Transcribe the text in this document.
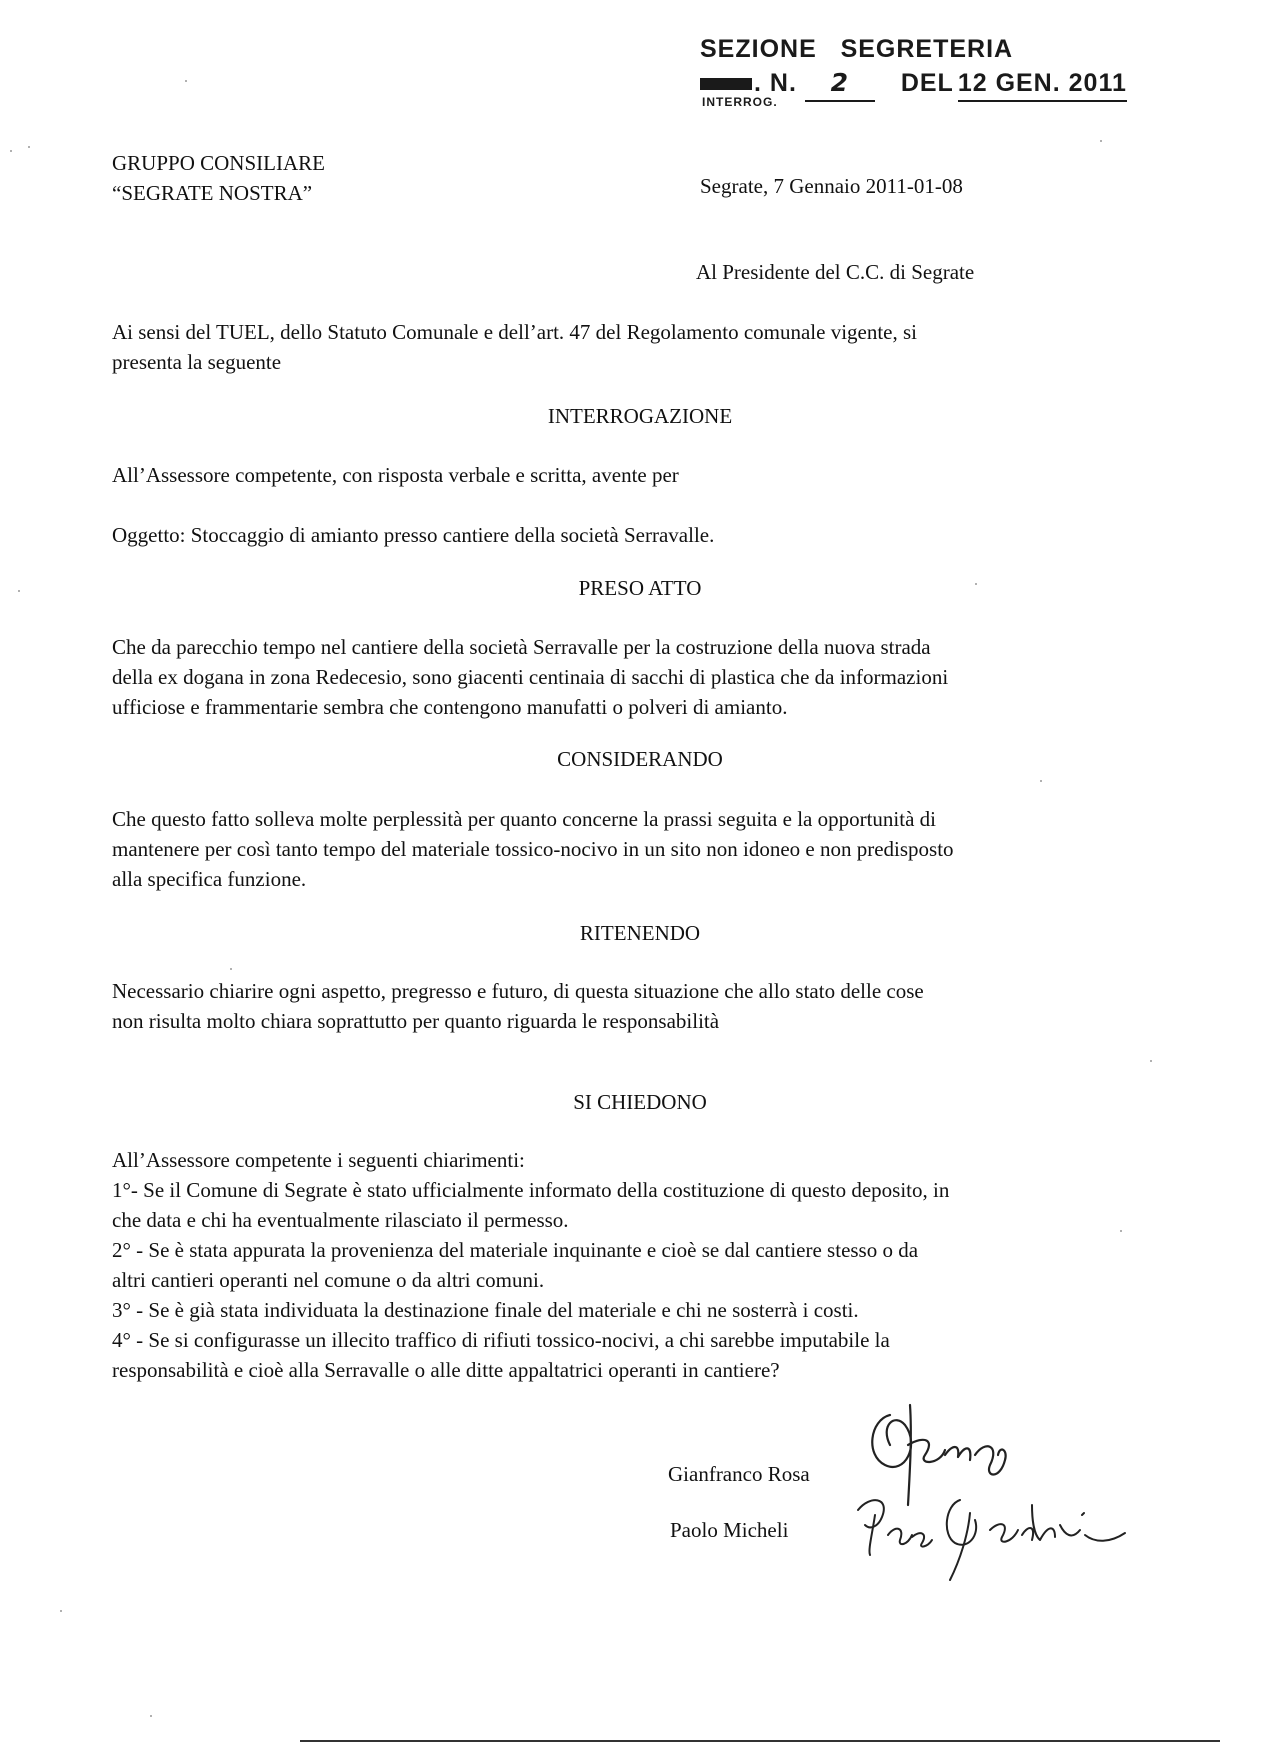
SEZIONE   SEGRETERIA
. N. 2 DEL 12 GEN. 2011
INTERROG.
GRUPPO CONSILIARE
“SEGRATE NOSTRA”	Segrate, 7 Gennaio 2011-01-08
Al Presidente del C.C. di Segrate
Ai sensi del TUEL, dello Statuto Comunale e dell’art. 47 del Regolamento comunale vigente, si
presenta la seguente
INTERROGAZIONE
All’Assessore competente, con risposta verbale e scritta, avente per
Oggetto: Stoccaggio di amianto presso cantiere della società Serravalle.
PRESO ATTO
Che da parecchio tempo nel cantiere della società Serravalle per la costruzione della nuova strada
della ex dogana in zona Redecesio, sono giacenti centinaia di sacchi di plastica che da informazioni
ufficiose e frammentarie sembra che contengono manufatti o polveri di amianto.
CONSIDERANDO
Che questo fatto solleva molte perplessità per quanto concerne la prassi seguita e la opportunità di
mantenere per così tanto tempo del materiale tossico-nocivo in un sito non idoneo e non predisposto
alla specifica funzione.
RITENENDO
Necessario chiarire ogni aspetto, pregresso e futuro, di questa situazione che allo stato delle cose
non risulta molto chiara soprattutto per quanto riguarda le responsabilità
SI CHIEDONO
All’Assessore competente i seguenti chiarimenti:
1°- Se il Comune di Segrate è stato ufficialmente informato della costituzione di questo deposito, in
che data e chi ha eventualmente rilasciato il permesso.
2° - Se è stata appurata la provenienza del materiale inquinante e cioè se dal cantiere stesso o da
altri cantieri operanti nel comune o da altri comuni.
3° - Se è già stata individuata la destinazione finale del materiale e chi ne sosterrà i costi.
4° - Se si configurasse un illecito traffico di rifiuti tossico-nocivi, a chi sarebbe imputabile la
responsabilità e cioè alla Serravalle o alle ditte appaltatrici operanti in cantiere?
Gianfranco Rosa
Paolo Micheli
